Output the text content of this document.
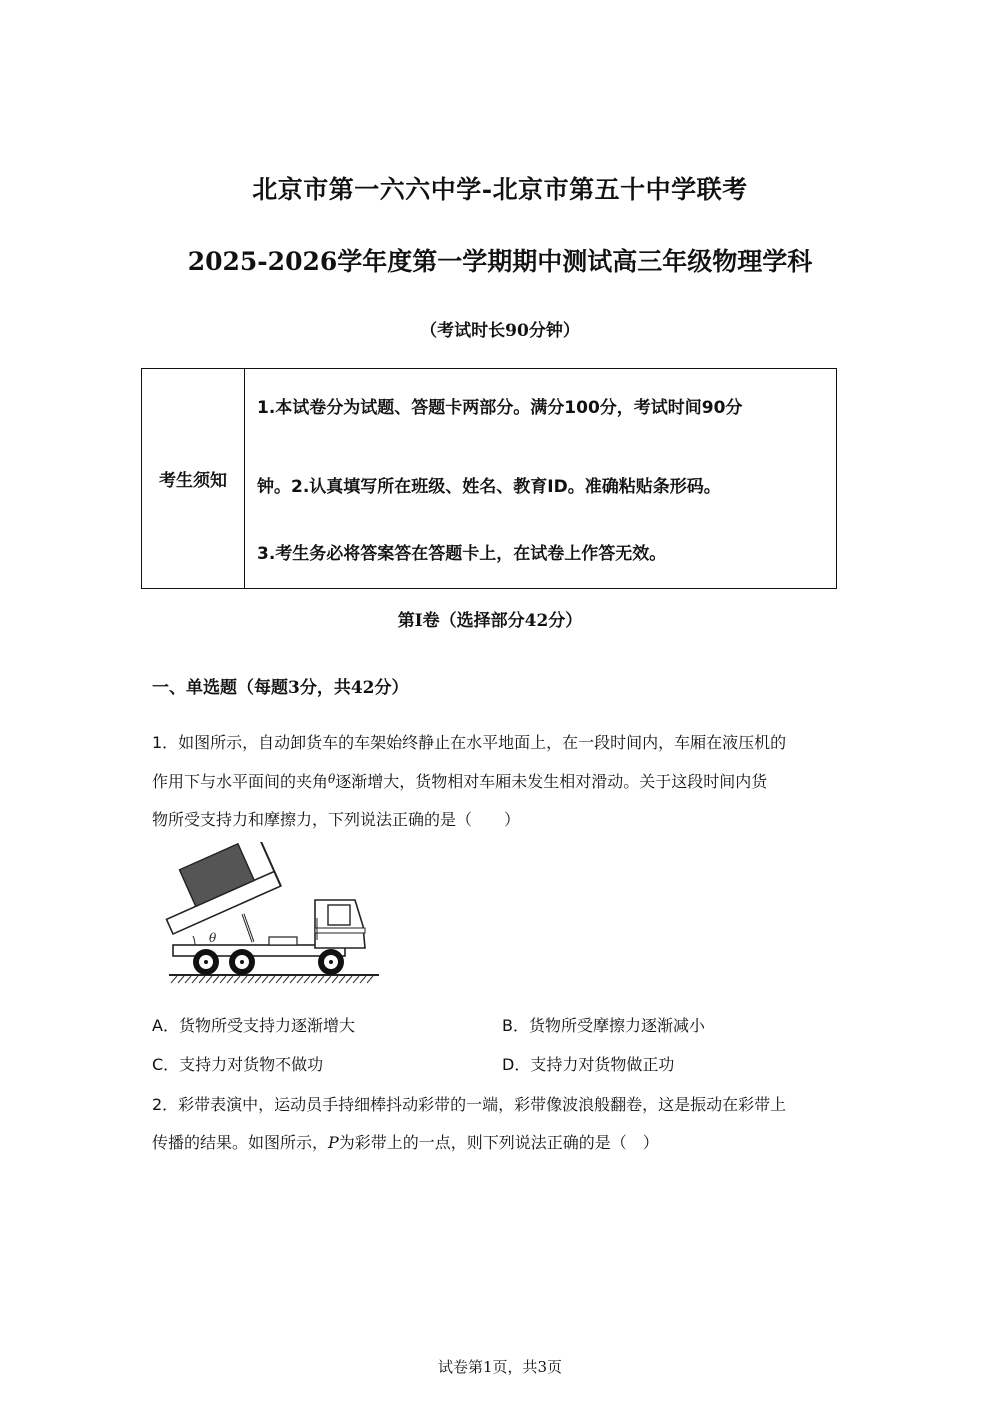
北京市第一六六中学-北京市第五十中学联考
2025-2026学年度第一学期期中测试高三年级物理学科
（考试时长90分钟）
考生须知
1.本试卷分为试题、答题卡两部分。满分100分，考试时间90分
钟。2.认真填写所在班级、姓名、教育ID。准确粘贴条形码。
3.考生务必将答案答在答题卡上，在试卷上作答无效。
第Ⅰ卷（选择部分42分）
一、单选题（每题3分，共42分）
1．如图所示，自动卸货车的车架始终静止在水平地面上，在一段时间内，车厢在液压机的
作用下与水平面间的夹角$^\theta$逐渐增大，货物相对车厢未发生相对滑动。关于这段时间内货
物所受支持力和摩擦力，下列说法正确的是（　　）
θ
A．货物所受支持力逐渐增大	B．货物所受摩擦力逐渐减小
C．支持力对货物不做功	D．支持力对货物做正功
2．彩带表演中，运动员手持细棒抖动彩带的一端，彩带像波浪般翻卷，这是振动在彩带上
传播的结果。如图所示，P为彩带上的一点，则下列说法正确的是（　）
试卷第1页，共3页
